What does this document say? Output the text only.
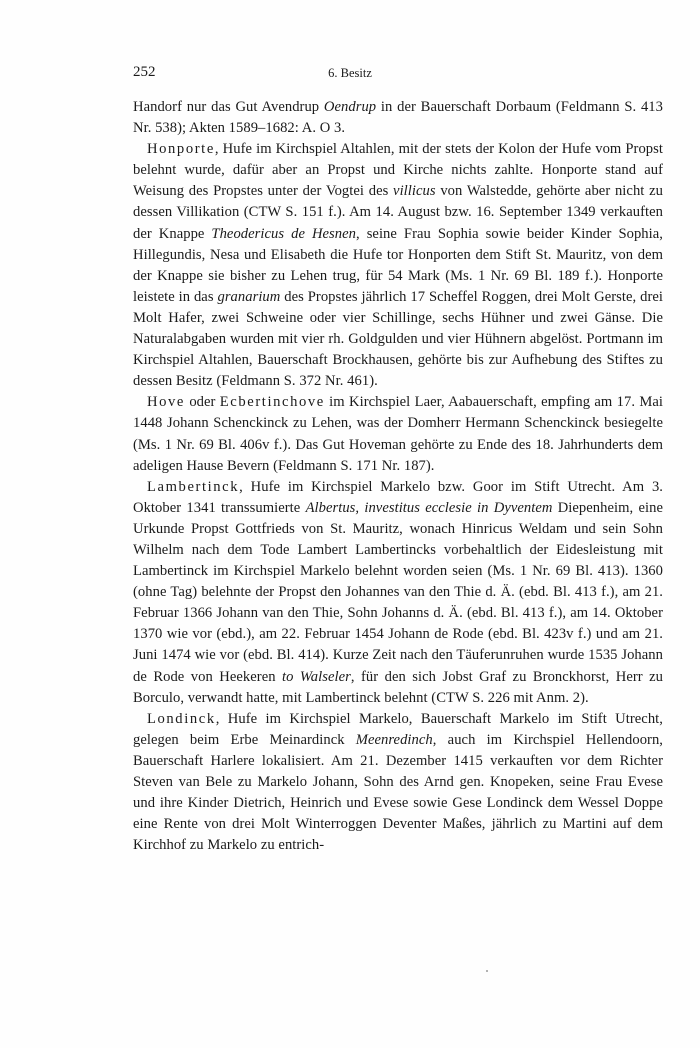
252	6. Besitz

Handorf nur das Gut Avendrup Oendrup in der Bauerschaft Dorbaum (Feldmann S. 413 Nr. 538); Akten 1589–1682: A. O 3.

Honporte, Hufe im Kirchspiel Altahlen, mit der stets der Kolon der Hufe vom Propst belehnt wurde, dafür aber an Propst und Kirche nichts zahlte. Honporte stand auf Weisung des Propstes unter der Vogtei des villicus von Walstedde, gehörte aber nicht zu dessen Villikation (CTW S. 151 f.). Am 14. August bzw. 16. September 1349 verkauften der Knappe Theodericus de Hesnen, seine Frau Sophia sowie beider Kinder Sophia, Hillegundis, Nesa und Elisabeth die Hufe tor Honporten dem Stift St. Mauritz, von dem der Knappe sie bisher zu Lehen trug, für 54 Mark (Ms. 1 Nr. 69 Bl. 189 f.). Honporte leistete in das granarium des Propstes jährlich 17 Scheffel Roggen, drei Molt Gerste, drei Molt Hafer, zwei Schweine oder vier Schillinge, sechs Hühner und zwei Gänse. Die Naturalabgaben wurden mit vier rh. Goldgulden und vier Hühnern abgelöst. Portmann im Kirchspiel Altahlen, Bauerschaft Brockhausen, gehörte bis zur Aufhebung des Stiftes zu dessen Besitz (Feldmann S. 372 Nr. 461).

Hove oder Ecbertinchove im Kirchspiel Laer, Aabauerschaft, empfing am 17. Mai 1448 Johann Schenckinck zu Lehen, was der Domherr Hermann Schenckinck besiegelte (Ms. 1 Nr. 69 Bl. 406v f.). Das Gut Hoveman gehörte zu Ende des 18. Jahrhunderts dem adeligen Hause Bevern (Feldmann S. 171 Nr. 187).

Lambertinck, Hufe im Kirchspiel Markelo bzw. Goor im Stift Utrecht. Am 3. Oktober 1341 transsumierte Albertus, investitus ecclesie in Dyventem Diepenheim, eine Urkunde Propst Gottfrieds von St. Mauritz, wonach Hinricus Weldam und sein Sohn Wilhelm nach dem Tode Lambert Lambertincks vorbehaltlich der Eidesleistung mit Lambertinck im Kirchspiel Markelo belehnt worden seien (Ms. 1 Nr. 69 Bl. 413). 1360 (ohne Tag) belehnte der Propst den Johannes van den Thie d. Ä. (ebd. Bl. 413 f.), am 21. Februar 1366 Johann van den Thie, Sohn Johanns d. Ä. (ebd. Bl. 413 f.), am 14. Oktober 1370 wie vor (ebd.), am 22. Februar 1454 Johann de Rode (ebd. Bl. 423v f.) und am 21. Juni 1474 wie vor (ebd. Bl. 414). Kurze Zeit nach den Täuferunruhen wurde 1535 Johann de Rode von Heekeren to Walseler, für den sich Jobst Graf zu Bronckhorst, Herr zu Borculo, verwandt hatte, mit Lambertinck belehnt (CTW S. 226 mit Anm. 2).

Londinck, Hufe im Kirchspiel Markelo, Bauerschaft Markelo im Stift Utrecht, gelegen beim Erbe Meinardinck Meenredinch, auch im Kirchspiel Hellendoorn, Bauerschaft Harlere lokalisiert. Am 21. Dezember 1415 verkauften vor dem Richter Steven van Bele zu Markelo Johann, Sohn des Arnd gen. Knopeken, seine Frau Evese und ihre Kinder Dietrich, Heinrich und Evese sowie Gese Londinck dem Wessel Doppe eine Rente von drei Molt Winterroggen Deventer Maßes, jährlich zu Martini auf dem Kirchhof zu Markelo zu entrich-
